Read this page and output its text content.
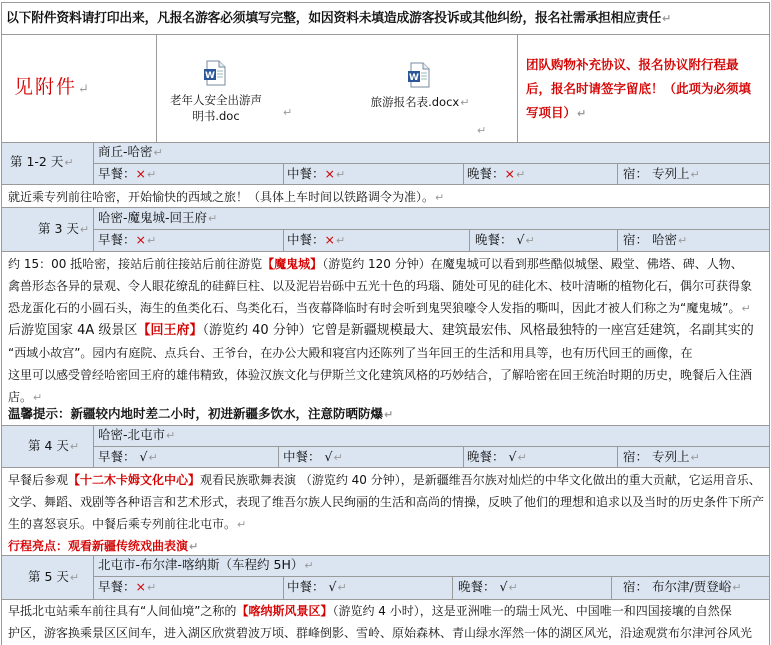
以下附件资料请打印出来，凡报名游客必须填写完整，如因资料未填造成游客投诉或其他纠纷，报名社需承担相应责任↵
见附件↵
W
老年人安全出游声
明书.doc	↵
W
旅游报名表.docx↵
↵
团队购物补充协议、报名协议附行程最
后，报名时请签字留底！（此项为必须填
写项目）↵
第 1-2 天↵
商丘-哈密↵
早餐：×↵	中餐：×↵	晚餐：×↵	宿： 专列上↵
就近乘专列前往哈密，开始愉快的西域之旅！（具体上车时间以铁路调令为准）。↵
第 3 天↵
哈密-魔鬼城-回王府↵
早餐：×↵	中餐：×↵	晚餐： √↵	宿： 哈密↵
约 15：00 抵哈密，接站后前往接站后前往游览【魔鬼城】（游览约 120 分钟）在魔鬼城可以看到那些酷似城堡、殿堂、佛塔、碑、人物、
禽兽形态各异的景观、令人眼花缭乱的硅藓巨柱、以及泥岩岩砾中五光十色的玛瑙、随处可见的硅化木、枝叶清晰的植物化石，偶尔可获得象
恐龙蛋化石的小圆石头，海生的鱼类化石、鸟类化石，当夜幕降临时有时会听到鬼哭狼嚎令人发指的嘶叫，因此才被人们称之为“魔鬼城”。↵
后游览国家 4A 级景区【回王府】（游览约 40 分钟）它曾是新疆规模最大、建筑最宏伟、风格最独特的一座宫廷建筑，名副其实的
“西域小故宫”。园内有庭院、点兵台、王爷台，在办公大殿和寝宫内还陈列了当年回王的生活和用具等，也有历代回王的画像，在
这里可以感受曾经哈密回王府的雄伟精致，体验汉族文化与伊斯兰文化建筑风格的巧妙结合，了解哈密在回王统治时期的历史，晚餐后入住酒
店。↵
温馨提示：新疆较内地时差二小时，初进新疆多饮水，注意防晒防爆↵
第 4 天↵
哈密-北屯市↵
早餐： √↵	中餐： √↵	晚餐： √↵	宿： 专列上↵
早餐后参观【十二木卡姆文化中心】观看民族歌舞表演 （游览约 40 分钟），是新疆维吾尔族对灿烂的中华文化做出的重大贡献，它运用音乐、
文学、舞蹈、戏剧等各种语言和艺术形式，表现了维吾尔族人民绚丽的生活和高尚的情操，反映了他们的理想和追求以及当时的历史条件下所产
生的喜怒哀乐。中餐后乘专列前往北屯市。↵
行程亮点：观看新疆传统戏曲表演↵
第 5 天↵
北屯市-布尔津-喀纳斯（车程约 5H）↵
早餐：×↵	中餐： √↵	晚餐： √↵	宿： 布尔津/贾登峪↵
早抵北屯站乘车前往具有“人间仙境”之称的【喀纳斯风景区】（游览约 4 小时），这是亚洲唯一的瑞士风光、中国唯一和四国接壤的自然保
护区，游客换乘景区区间车，进入湖区欣赏碧波万顷、群峰倒影、雪岭、原始森林、青山绿水浑然一体的湖区风光，沿途观赏布尔津河谷风光
